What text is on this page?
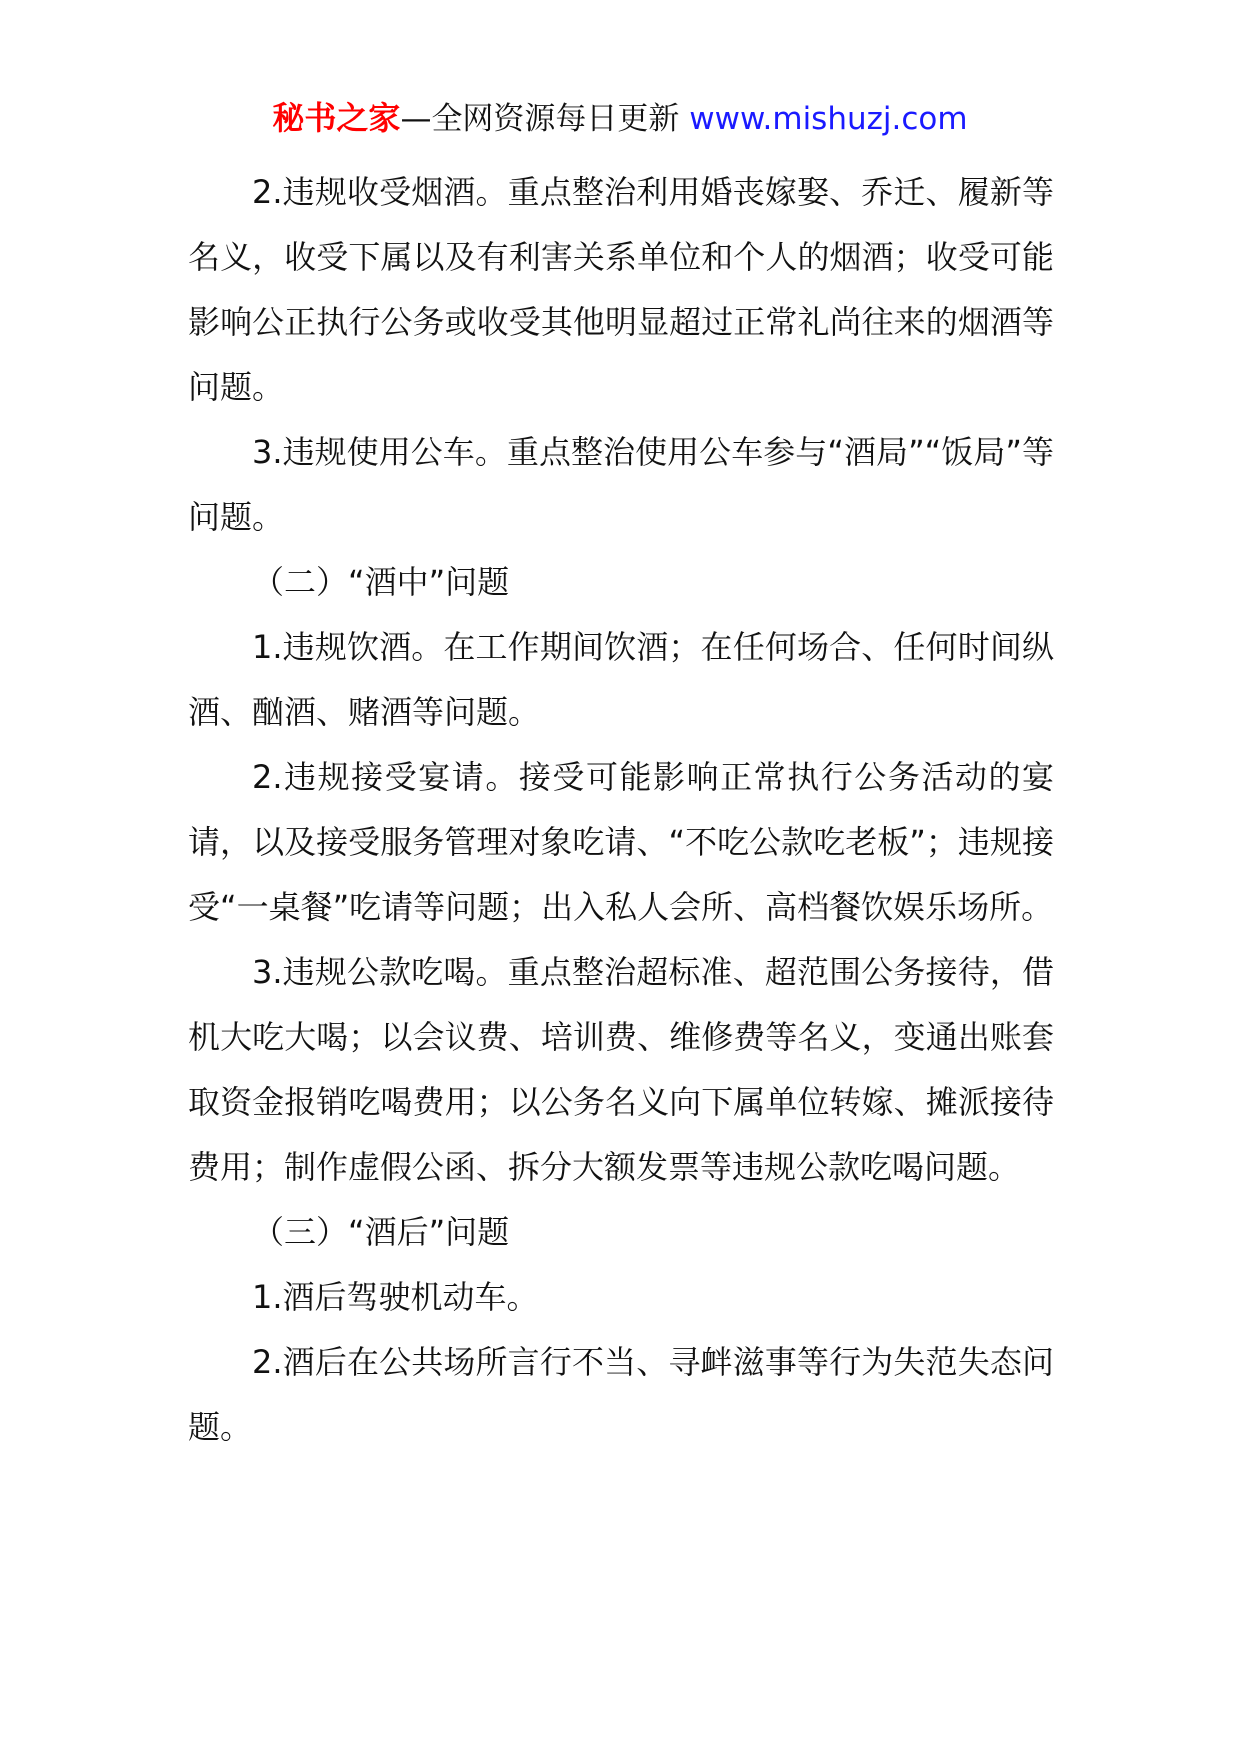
秘书之家—全网资源每日更新 www.mishuzj.com

2.违规收受烟酒。重点整治利用婚丧嫁娶、乔迁、履新等名义，收受下属以及有利害关系单位和个人的烟酒；收受可能影响公正执行公务或收受其他明显超过正常礼尚往来的烟酒等问题。

3.违规使用公车。重点整治使用公车参与“酒局”“饭局”等问题。

（二）“酒中”问题

1.违规饮酒。在工作期间饮酒；在任何场合、任何时间纵酒、酗酒、赌酒等问题。

2.违规接受宴请。接受可能影响正常执行公务活动的宴请，以及接受服务管理对象吃请、“不吃公款吃老板”；违规接受“一桌餐”吃请等问题；出入私人会所、高档餐饮娱乐场所。

3.违规公款吃喝。重点整治超标准、超范围公务接待，借机大吃大喝；以会议费、培训费、维修费等名义，变通出账套取资金报销吃喝费用；以公务名义向下属单位转嫁、摊派接待费用；制作虚假公函、拆分大额发票等违规公款吃喝问题。

（三）“酒后”问题

1.酒后驾驶机动车。

2.酒后在公共场所言行不当、寻衅滋事等行为失范失态问题。
